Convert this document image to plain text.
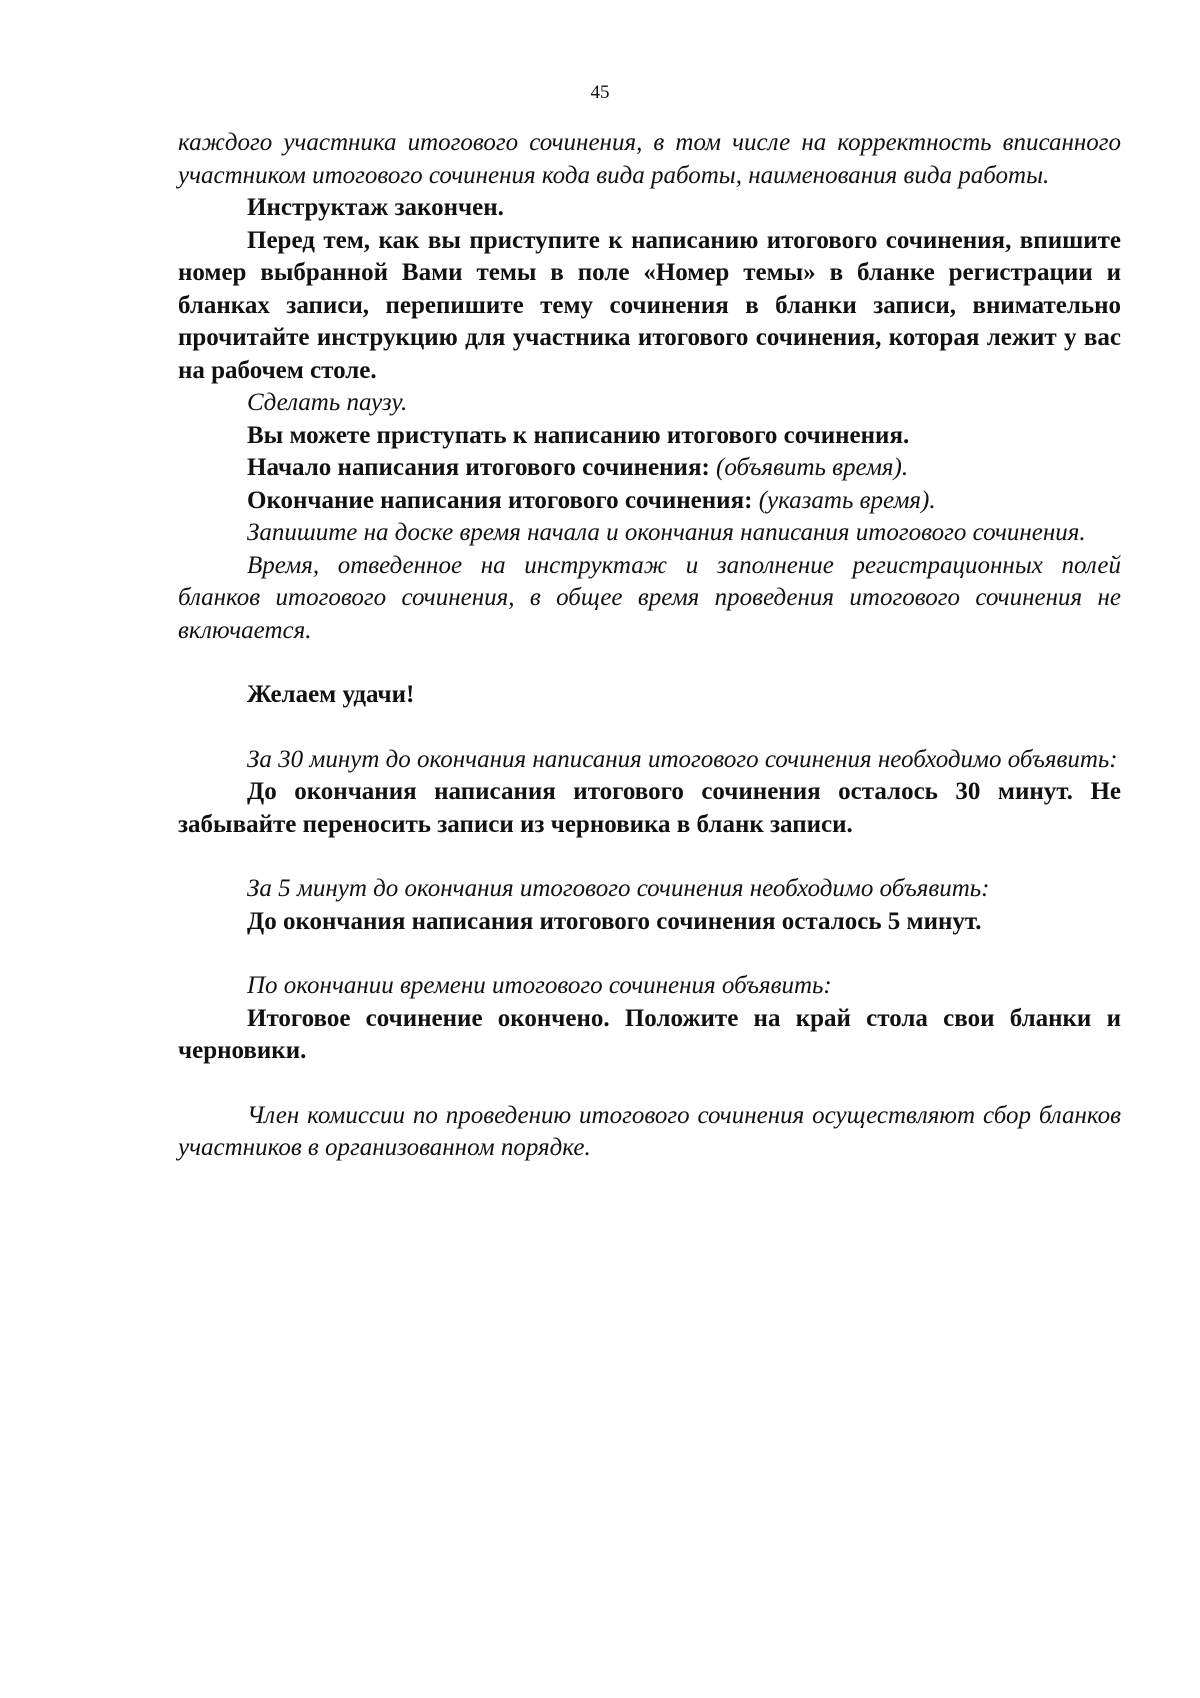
45

каждого участника итогового сочинения, в том числе на корректность вписанного участником итогового сочинения кода вида работы, наименования вида работы.

Инструктаж закончен.

Перед тем, как вы приступите к написанию итогового сочинения, впишите номер выбранной Вами темы в поле «Номер темы» в бланке регистрации и бланках записи, перепишите тему сочинения в бланки записи, внимательно прочитайте инструкцию для участника итогового сочинения, которая лежит у вас на рабочем столе.

Сделать паузу.

Вы можете приступать к написанию итогового сочинения.

Начало написания итогового сочинения: (объявить время).

Окончание написания итогового сочинения: (указать время).

Запишите на доске время начала и окончания написания итогового сочинения.

Время, отведенное на инструктаж и заполнение регистрационных полей бланков итогового сочинения, в общее время проведения итогового сочинения не включается.

Желаем удачи!

За 30 минут до окончания написания итогового сочинения необходимо объявить:

До окончания написания итогового сочинения осталось 30 минут. Не забывайте переносить записи из черновика в бланк записи.

За 5 минут до окончания итогового сочинения необходимо объявить:

До окончания написания итогового сочинения осталось 5 минут.

По окончании времени итогового сочинения объявить:

Итоговое сочинение окончено. Положите на край стола свои бланки и черновики.

Член комиссии по проведению итогового сочинения осуществляют сбор бланков участников в организованном порядке.
